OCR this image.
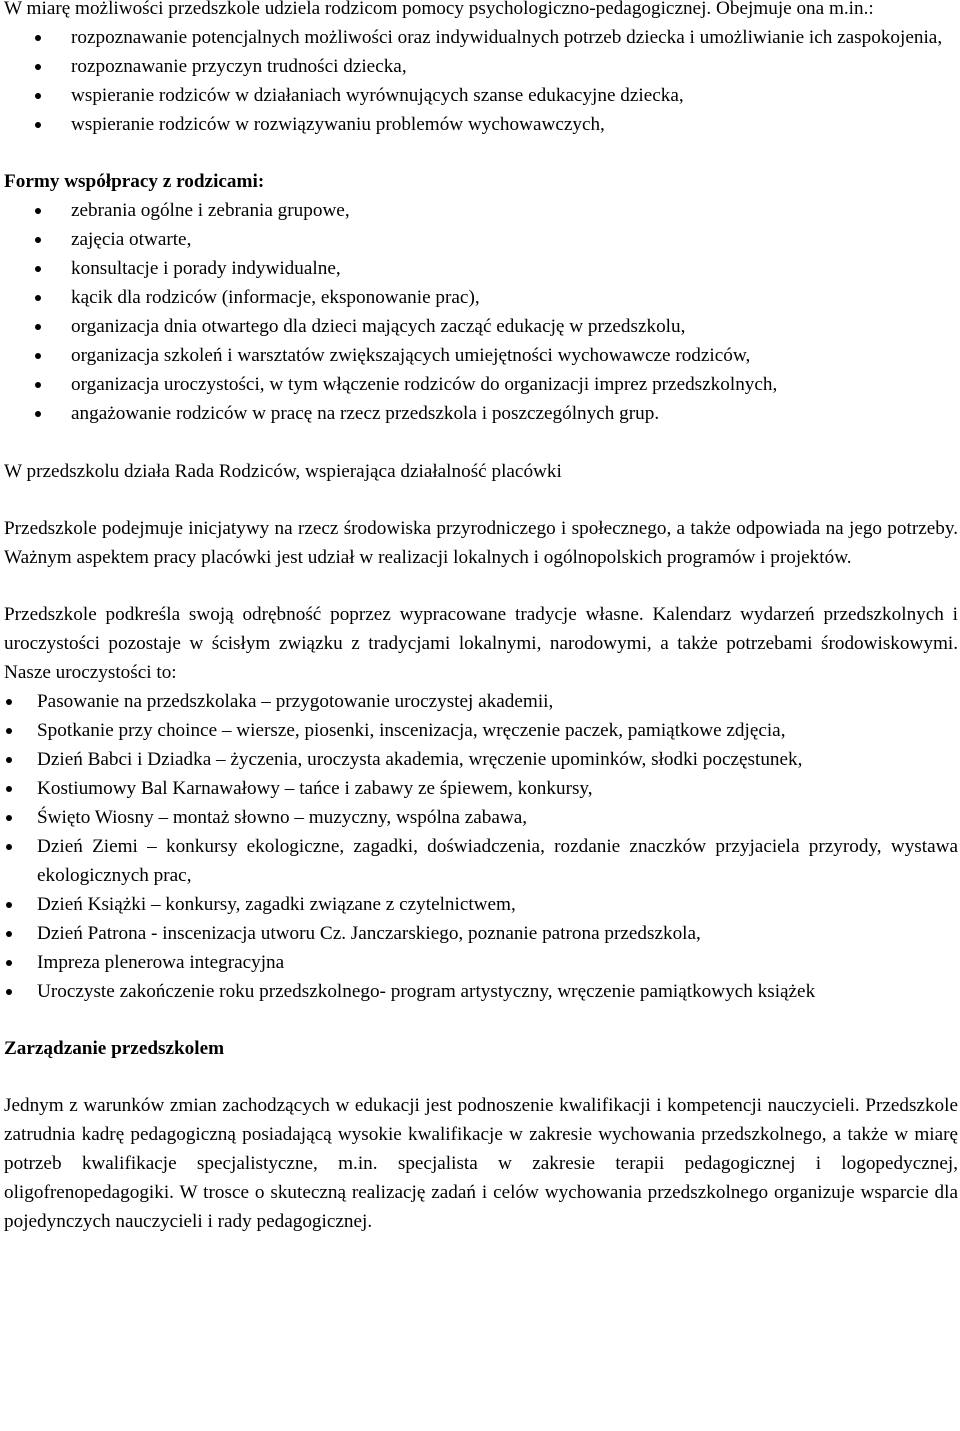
W miarę możliwości przedszkole udziela rodzicom pomocy psychologiczno-pedagogicznej. Obejmuje ona m.in.:

rozpoznawanie potencjalnych możliwości oraz indywidualnych potrzeb dziecka i umożliwianie ich zaspokojenia,
rozpoznawanie przyczyn trudności dziecka,
wspieranie rodziców w działaniach wyrównujących szanse edukacyjne dziecka,
wspieranie rodziców w rozwiązywaniu problemów wychowawczych,

Formy współpracy z rodzicami:

zebrania ogólne i zebrania grupowe,
zajęcia otwarte,
konsultacje i porady indywidualne,
kącik dla rodziców (informacje, eksponowanie prac),
organizacja dnia otwartego dla dzieci mających zacząć edukację w przedszkolu,
organizacja szkoleń i warsztatów zwiększających umiejętności wychowawcze rodziców,
organizacja uroczystości, w tym włączenie rodziców do organizacji imprez przedszkolnych,
angażowanie rodziców w pracę na rzecz przedszkola i poszczególnych grup.

W przedszkolu działa Rada Rodziców, wspierająca działalność placówki

Przedszkole podejmuje inicjatywy na rzecz środowiska przyrodniczego i społecznego, a także odpowiada na jego potrzeby. Ważnym aspektem pracy placówki jest udział w realizacji lokalnych i ogólnopolskich programów i projektów.

Przedszkole podkreśla swoją odrębność poprzez wypracowane tradycje własne. Kalendarz wydarzeń przedszkolnych i uroczystości pozostaje w ścisłym związku z tradycjami lokalnymi, narodowymi, a także potrzebami środowiskowymi. Nasze uroczystości to:

Pasowanie na przedszkolaka – przygotowanie uroczystej akademii,
Spotkanie przy choince – wiersze, piosenki, inscenizacja, wręczenie paczek, pamiątkowe zdjęcia,
Dzień Babci i Dziadka – życzenia, uroczysta akademia, wręczenie upominków, słodki poczęstunek,
Kostiumowy Bal Karnawałowy – tańce i zabawy ze śpiewem, konkursy,
Święto Wiosny – montaż słowno – muzyczny, wspólna zabawa,
Dzień Ziemi – konkursy ekologiczne, zagadki, doświadczenia, rozdanie znaczków przyjaciela przyrody, wystawa ekologicznych prac,
Dzień Książki – konkursy, zagadki związane z czytelnictwem,
Dzień Patrona - inscenizacja utworu Cz. Janczarskiego, poznanie patrona przedszkola,
Impreza plenerowa integracyjna
Uroczyste zakończenie roku przedszkolnego- program artystyczny, wręczenie pamiątkowych książek

Zarządzanie przedszkolem

Jednym z warunków zmian zachodzących w edukacji jest podnoszenie kwalifikacji i kompetencji nauczycieli. Przedszkole zatrudnia kadrę pedagogiczną posiadającą wysokie kwalifikacje w zakresie wychowania przedszkolnego, a także w miarę potrzeb kwalifikacje specjalistyczne, m.in. specjalista w zakresie terapii pedagogicznej i logopedycznej, oligofrenopedagogiki. W trosce o skuteczną realizację zadań i celów wychowania przedszkolnego organizuje wsparcie dla pojedynczych nauczycieli i rady pedagogicznej.
